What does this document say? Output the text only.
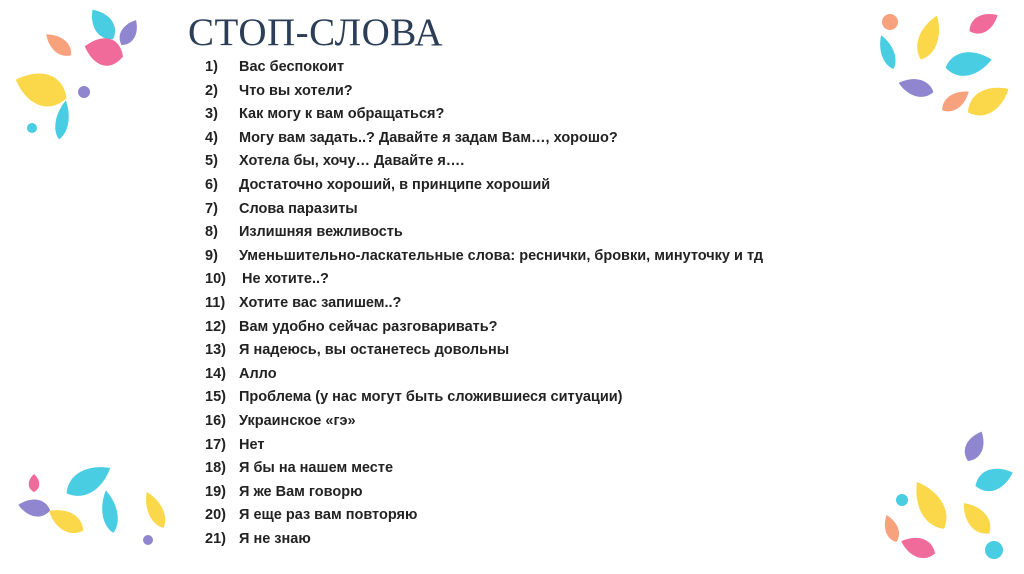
СТОП-СЛОВА
1) Вас беспокоит
2) Что вы хотели?
3) Как могу к вам обращаться?
4) Могу вам задать..? Давайте я задам Вам…, хорошо?
5) Хотела бы, хочу… Давайте я….
6) Достаточно хороший, в принципе хороший
7) Слова паразиты
8) Излишняя вежливость
9) Уменьшительно-ласкательные слова: реснички, бровки, минуточку и тд
10) Не хотите..?
11) Хотите вас запишем..?
12) Вам удобно сейчас разговаривать?
13) Я надеюсь, вы останетесь довольны
14) Алло
15) Проблема (у нас могут быть сложившиеся ситуации)
16) Украинское «гэ»
17) Нет
18) Я бы на нашем месте
19) Я же Вам говорю
20) Я еще раз вам повторяю
21) Я не знаю
